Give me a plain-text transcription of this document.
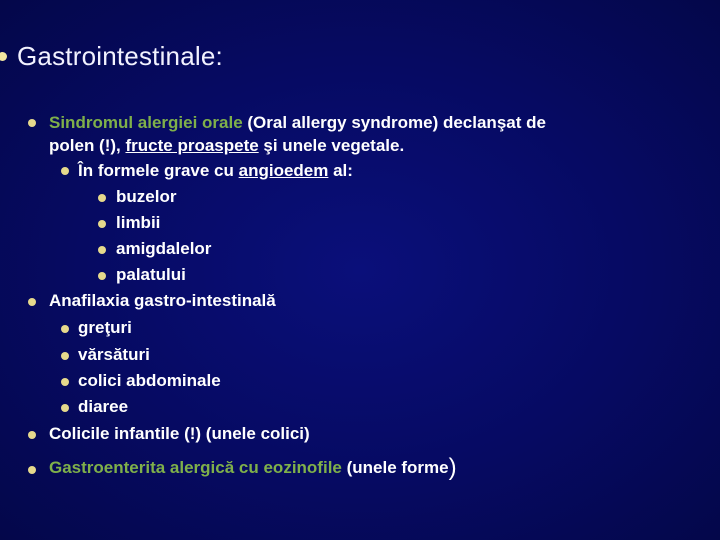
Gastrointestinale:
Sindromul alergiei orale (Oral allergy syndrome) declanşat de
polen (!), fructe proaspete şi unele vegetale.
În formele grave cu angioedem al:
buzelor
limbii
amigdalelor
palatului
Anafilaxia gastro-intestinală
greţuri
vărsături
colici abdominale
diaree
Colicile infantile (!) (unele colici)
Gastroenterita alergică cu eozinofile (unele forme)
